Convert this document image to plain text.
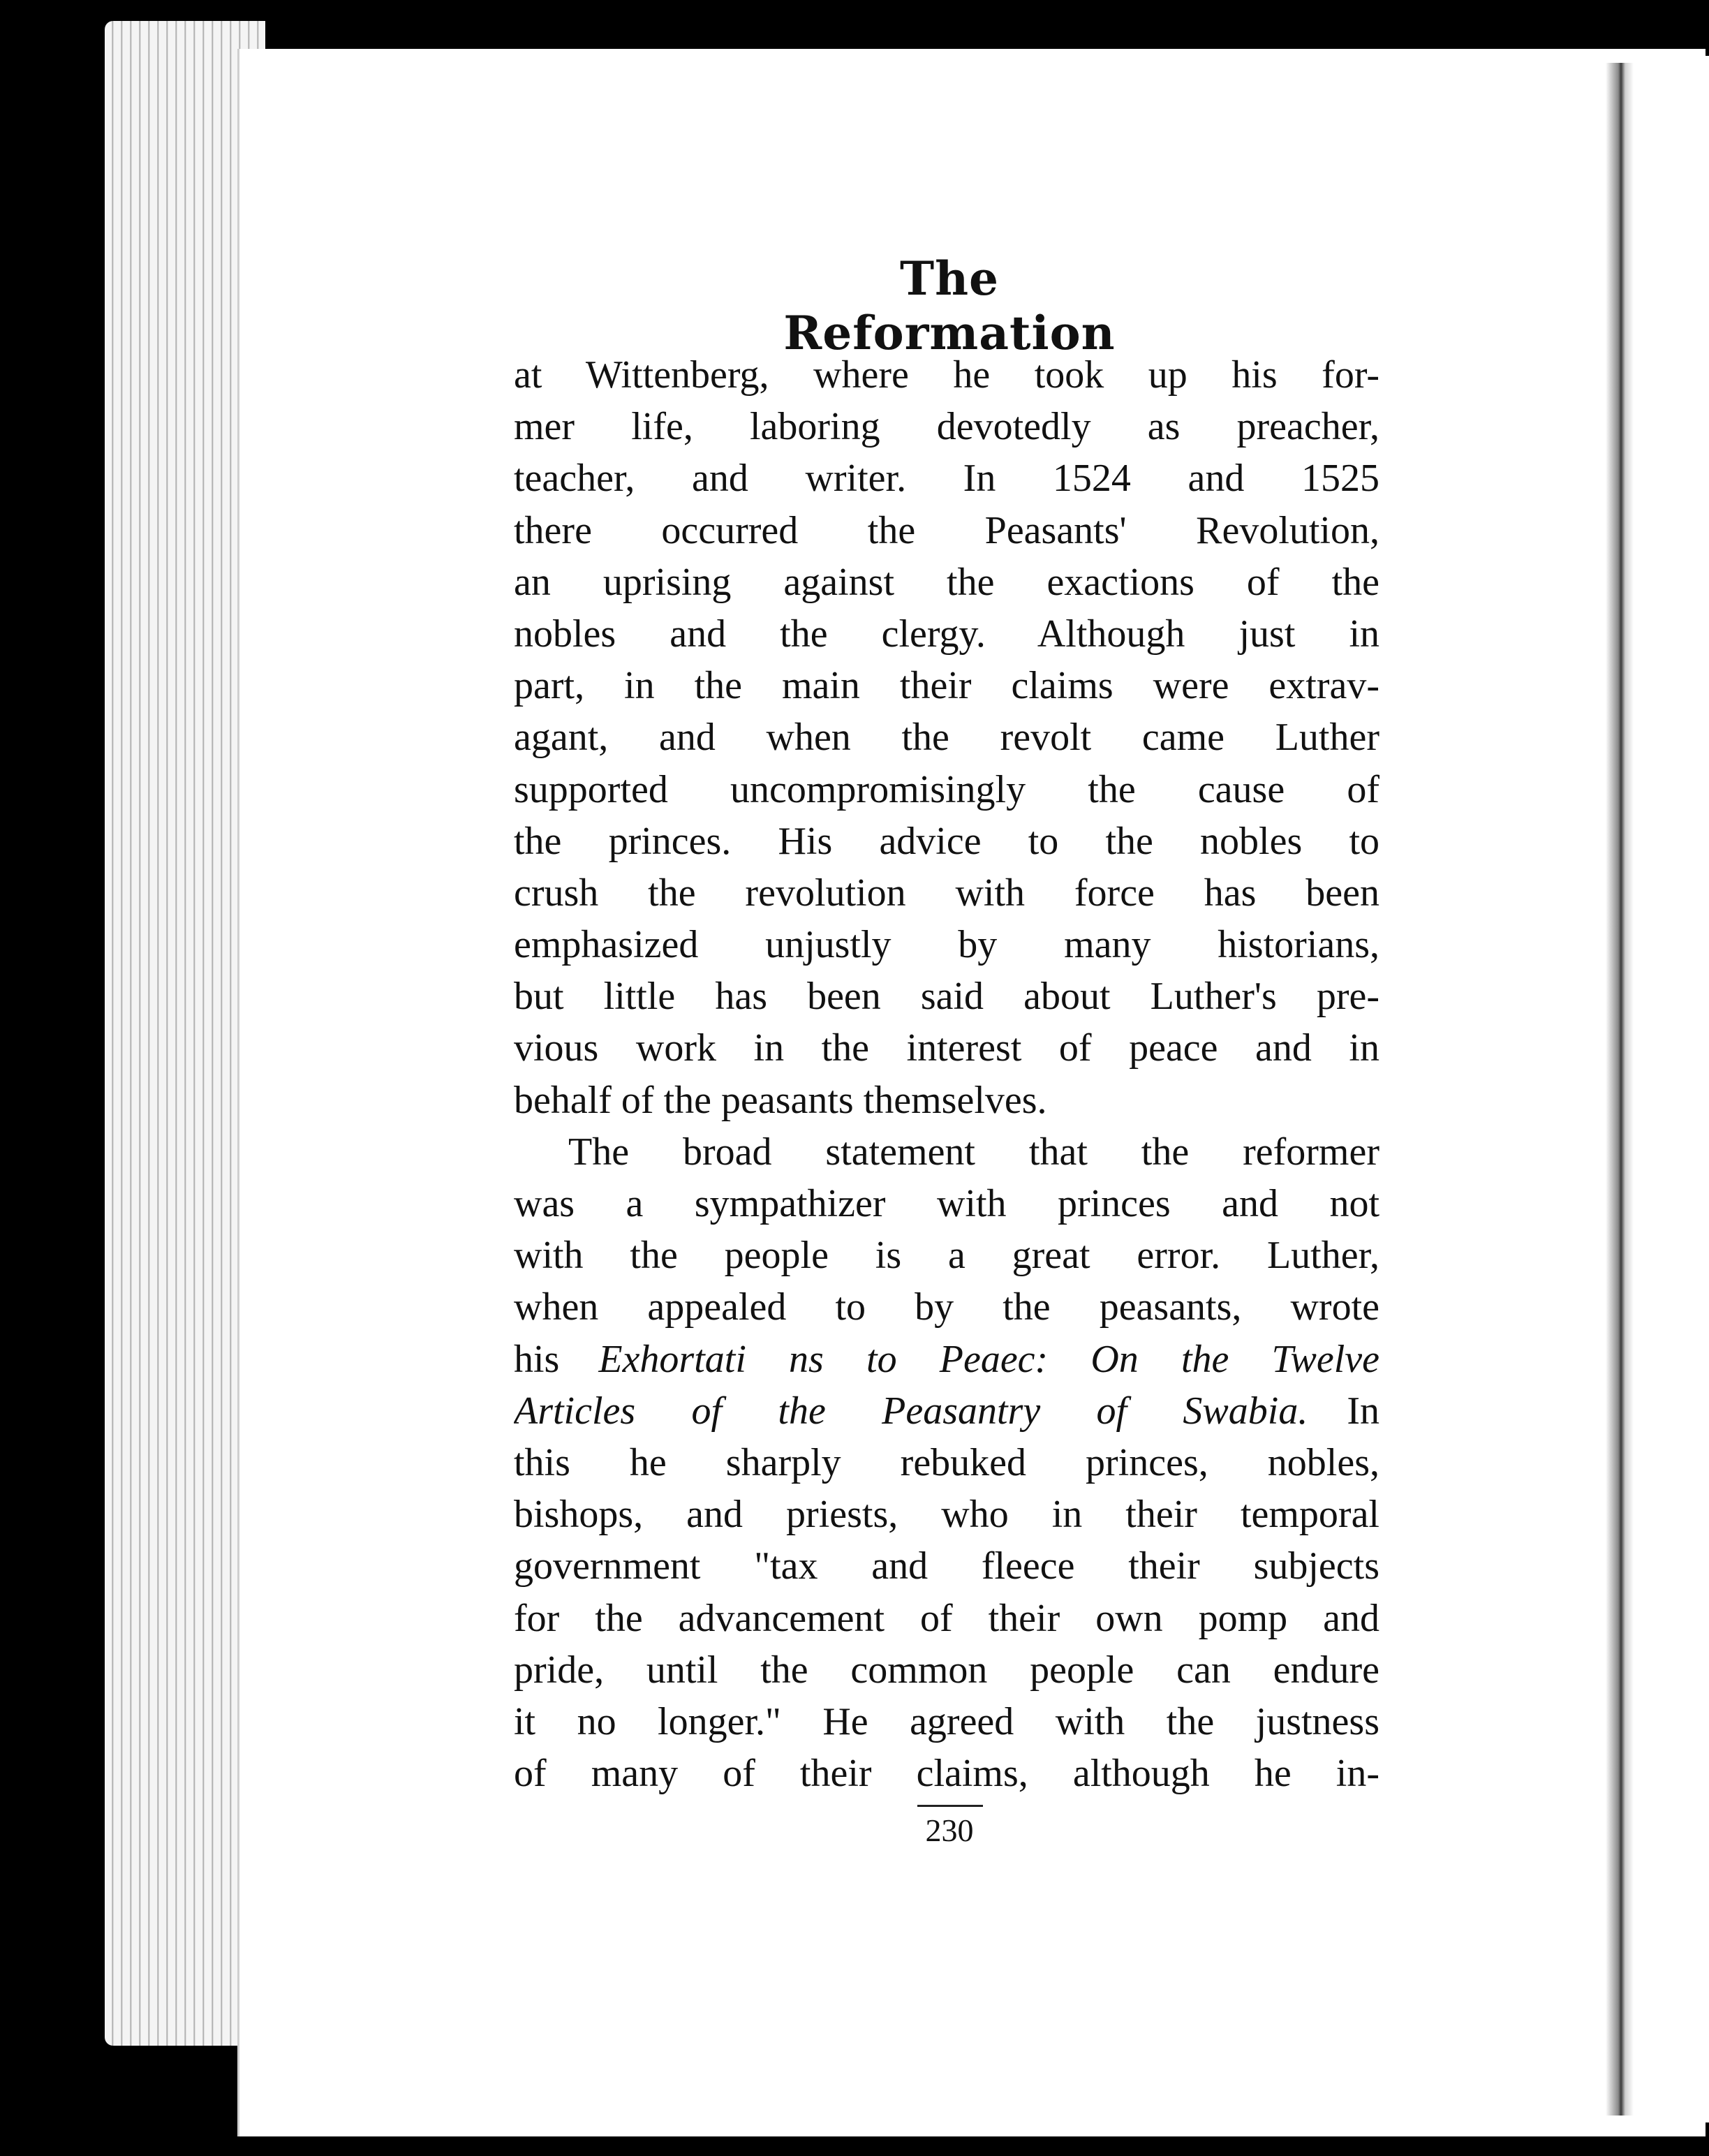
The Reformation
at Wittenberg, where he took up his for-
mer life, laboring devotedly as preacher,
teacher, and writer. In 1524 and 1525
there occurred the Peasants' Revolution,
an uprising against the exactions of the
nobles and the clergy. Although just in
part, in the main their claims were extrav-
agant, and when the revolt came Luther
supported uncompromisingly the cause of
the princes. His advice to the nobles to
crush the revolution with force has been
emphasized unjustly by many historians,
but little has been said about Luther's pre-
vious work in the interest of peace and in
behalf of the peasants themselves.
The broad statement that the reformer
was a sympathizer with princes and not
with the people is a great error. Luther,
when appealed to by the peasants, wrote
his  Exhortati ns to Peaec: On the Twelve
Articles of the Peasantry of Swabia.  In
this he sharply rebuked princes, nobles,
bishops, and priests, who in their temporal
government "tax and fleece their subjects
for the advancement of their own pomp and
pride, until the common people can endure
it no longer." He agreed with the justness
of many of their claims, although he in-
230
